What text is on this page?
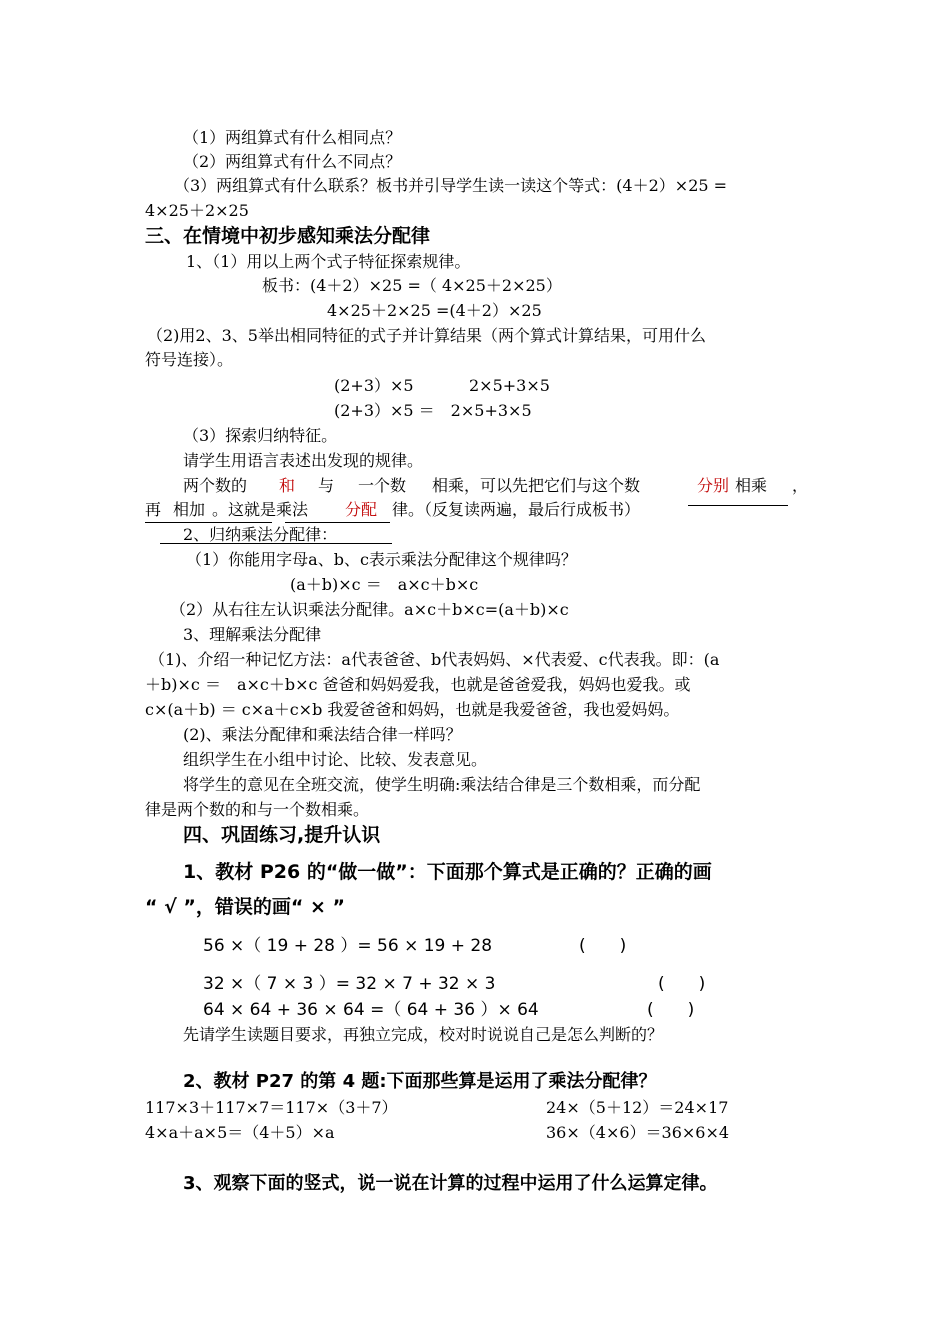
（1）两组算式有什么相同点？
（2）两组算式有什么不同点？
（3）两组算式有什么联系？板书并引导学生读一读这个等式：(4＋2）×25 =
4×25＋2×25
三、在情境中初步感知乘法分配律
1、（1）用以上两个式子特征探索规律。
板书：(4＋2）×25 =（ 4×25＋2×25）
4×25＋2×25 =(4＋2）×25
（2)用2、3、5举出相同特征的式子并计算结果（两个算式计算结果，可用什么
符号连接）。
(2+3）×5	2×5+3×5
(2+3）×5 ＝　2×5+3×5
（3）探索归纳特征。
请学生用语言表述出发现的规律。
两个数的 和 与 一个数 相乘，可以先把它们与这个数	分别 相乘 ，
再 相加 。这就是乘法 分配 律。（反复读两遍，最后行成板书）
2、归纳乘法分配律：
（1）你能用字母a、b、c表示乘法分配律这个规律吗？
(a＋b)×c ＝　a×c＋b×c
（2）从右往左认识乘法分配律。a×c＋b×c=(a＋b)×c
3、理解乘法分配律
（1)、介绍一种记忆方法：a代表爸爸、b代表妈妈、×代表爱、c代表我。即：(a
＋b)×c ＝　a×c＋b×c 爸爸和妈妈爱我，也就是爸爸爱我，妈妈也爱我。或
c×(a＋b) ＝ c×a＋c×b 我爱爸爸和妈妈，也就是我爱爸爸，我也爱妈妈。
(2)、乘法分配律和乘法结合律一样吗？
组织学生在小组中讨论、比较、发表意见。
将学生的意见在全班交流，使学生明确:乘法结合律是三个数相乘，而分配
律是两个数的和与一个数相乘。
四、巩固练习,提升认识
1、教材 P26 的“做一做”：下面那个算式是正确的？正确的画
“ √ ”，错误的画“ × ”
56 ×（ 19 + 28 ）= 56 × 19 + 28	(　　)
32 ×（ 7 × 3 ）= 32 × 7 + 32 × 3	(　　)
64 × 64 + 36 × 64 =（ 64 + 36 ）× 64	(　　)
先请学生读题目要求，再独立完成，校对时说说自己是怎么判断的？
2、教材 P27 的第 4 题:下面那些算是运用了乘法分配律？
117×3＋117×7＝117×（3＋7）	24×（5＋12）＝24×17
4×a＋a×5＝（4＋5）×a	36×（4×6）＝36×6×4
3、观察下面的竖式，说一说在计算的过程中运用了什么运算定律。
